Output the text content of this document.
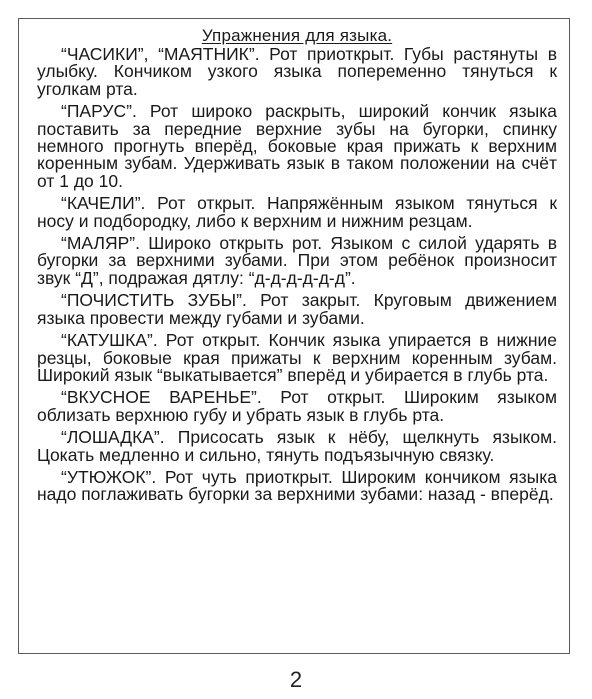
Упражнения для языка.

“ЧАСИКИ”, “МАЯТНИК”. Рот приоткрыт. Губы растянуты в улыбку. Кончиком узкого языка попеременно тянуться к уголкам рта.

“ПАРУС”. Рот широко раскрыть, широкий кончик языка поставить за передние верхние зубы на бугорки, спинку немного прогнуть вперёд, боковые края прижать к верхним коренным зубам. Удерживать язык в таком положении на счёт от 1 до 10.

“КАЧЕЛИ”. Рот открыт. Напряжённым языком тянуться к носу и подбородку, либо к верхним и нижним резцам.

“МАЛЯР”. Широко открыть рот. Языком с силой ударять в бугорки за верхними зубами. При этом ребёнок произносит звук “Д”, подражая дятлу: “д-д-д-д-д-д”.

“ПОЧИСТИТЬ ЗУБЫ”. Рот закрыт. Круговым движением языка провести между губами и зубами.

“КАТУШКА”. Рот открыт. Кончик языка упирается в нижние резцы, боковые края прижаты к верхним коренным зубам. Широкий язык “выкатывается” вперёд и убирается в глубь рта.

“ВКУСНОЕ ВАРЕНЬЕ”. Рот открыт. Широким языком облизать верхнюю губу и убрать язык в глубь рта.

“ЛОШАДКА”. Присосать язык к нёбу, щелкнуть языком. Цокать медленно и сильно, тянуть подъязычную связку.

“УТЮЖОК”. Рот чуть приоткрыт. Широким кончиком языка надо поглаживать бугорки за верхними зубами: назад - вперёд.

2
